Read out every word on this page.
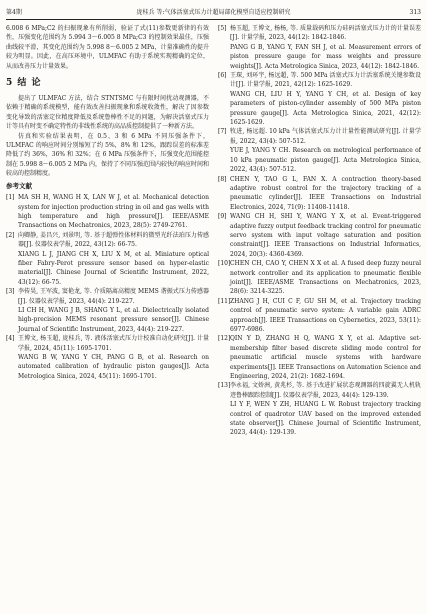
第4期	庞桂兵 等:气体活塞式压力计超局部化模型自适应控制研究	313

6.008 6 MPa;C2 的扫振现象有所削弱，验证了式(11)参数更新律的有效性，压强变化范围约为 5.994 3～6.005 8 MPa;C3 的控制效果最佳，压强曲线较平滑，其变化范围约为 5.998 8～6.005 2 MPa，计量准确性的提升较为明显。因此，在高压环境中，ULMFAC 有助于系统实现精确的定位，从而改善压力计量效果。

5 结 论

提出了 ULMFAC 方法，结合 STNTSMC 与有限时间扰动观测器，不依赖于精确的系统模型，能有效改善扫振现象和系统收敛性，解决了因参数变化导致的活塞定位精度降低及系统鲁棒性不足的问题，为解决活塞式压力计等具有时变不确定特性的非线性系统的高品质控制提供了一种新方法。

仿真和实验结果表明，在 0.5、3 和 6 MPa 不同压强条件下，ULMFAC 的响应时间分别缩短了约 5%，8% 和 12%，跟踪误差的标准差降低了约 36%，36% 和 32%；在 6 MPa 压强条件下，压强变化范围能控制在 5.998 8～6.005 2 MPa 内，保持了不同压强范围内较快的响应时间和较高的控制精度。

参考文献

[1] MA SH H, WANG H X, LAN W J, et al. Mechanical detection system for injection production string in oil and gas wells with high temperature and high pressure[J]. IEEE/ASME Transactions on Mechatronics, 2023, 28(5): 2749-2761.

[2] 向卿静, 姜昌兴, 刘景明, 等. 基于超弹性体材料的微型光纤法珀压力传感器[J]. 仪器仪表学报, 2022, 43(12): 66-75.

XIANG L J, JIANG CH X, LIU X M, et al. Miniature optical fiber Fabry-Perot pressure sensor based on hyper-elastic material[J]. Chinese Journal of Scientific Instrument, 2022, 43(12): 66-75.

[3] 李传昊, 王军波, 窦艳龙, 等. 介质隔离高精度 MEMS 谐振式压力传感器[J]. 仪器仪表学报, 2023, 44(4): 219-227.

LI CH H, WANG J B, SHANG Y L, et al. Dielectrically isolated high-precision MEMS resonant pressure sensor[J]. Chinese Journal of Scientific Instrument, 2023, 44(4): 219-227.

[4] 王博文, 杨玉超, 庞桂兵, 等. 液体活塞式压力计校准自动化研究[J]. 计量学报, 2024, 45(11): 1695-1701.

WANG B W, YANG Y CH, PANG G B, et al. Research on automated calibration of hydraulic piston gauges[J]. Acta Metrologica Sinica, 2024, 45(11): 1695-1701.

[5] 杨玉超, 王博文, 杨杨, 等. 质量载码和压力硅码活塞式压力计的计量误差[J]. 计量学报, 2023, 44(12): 1842-1846.

PANG G B, YANG Y, FAN SH J, et al. Measurement errors of piston pressure gauge for mass weights and pressure weights[J]. Acta Metrologica Sinica, 2023, 44(12): 1842-1846.

[6] 王琛, 刘环宇, 杨远超, 等. 500 MPa 活塞式压力计活塞系统关键参数设计[J]. 计量学报, 2021, 42(12): 1625-1629.

WANG CH, LIU H Y, YANG Y CH, et al. Design of key parameters of piston-cylinder assembly of 500 MPa piston pressure gauge[J]. Acta Metrologica Sinica, 2021, 42(12): 1625-1629.

[7] 牧进, 杨远超. 10 kPa 气体活塞式压力计计量性能测试研究[J]. 计量学报, 2022, 43(4): 507-512.

YUE J, YANG Y CH. Research on metrological performance of 10 kPa pneumatic piston gauge[J]. Acta Metrologica Sinica, 2022, 43(4): 507-512.

[8] CHEN Y, TAO G L, FAN X. A contraction theory-based adaptive robust control for the trajectory tracking of a pneumatic cylinder[J]. IEEE Transactions on Industrial Electronics, 2024, 71(9): 11408-11418.

[9] WANG CH H, SHI Y, WANG Y X, et al. Event-triggered adaptive fuzzy output feedback tracking control for pneumatic servo system with input voltage saturation and position constraint[J]. IEEE Transactions on Industrial Informatics, 2024, 20(3): 4360-4369.

[10] CHEN CH, CAO Y, CHEN X X et al. A fused deep fuzzy neural network controller and its application to pneumatic flexible joint[J]. IEEE/ASME Transactions on Mechatronics, 2023, 28(6): 3214-3225.

[11] ZHANG J H, CUI C F, GU SH M, et al. Trajectory tracking control of pneumatic servo system: A variable gain ADRC approach[J]. IEEE Transactions on Cybernetics, 2023, 53(11): 6977-6986.

[12] QIN Y D, ZHANG H Q, WANG X Y, et al. Adaptive set-membership filter based discrete sliding mode control for pneumatic artificial muscle systems with hardware experiments[J]. IEEE Transactions on Automation Science and Engineering, 2024, 21(2): 1682-1694.

[13] 李永福, 文娇洲, 黄兆杉, 等. 基于改进扩展状态观测器的四旋翼无人机轨迹鲁棒跟踪控制[J]. 仪器仪表学报, 2023, 44(4): 129-139.

LI Y F, WEN Y ZH, HUANG L W. Robust trajectory tracking control of quadrotor UAV based on the improved extended state observer[J]. Chinese Journal of Scientific Instrument, 2023, 44(4): 129-139.
